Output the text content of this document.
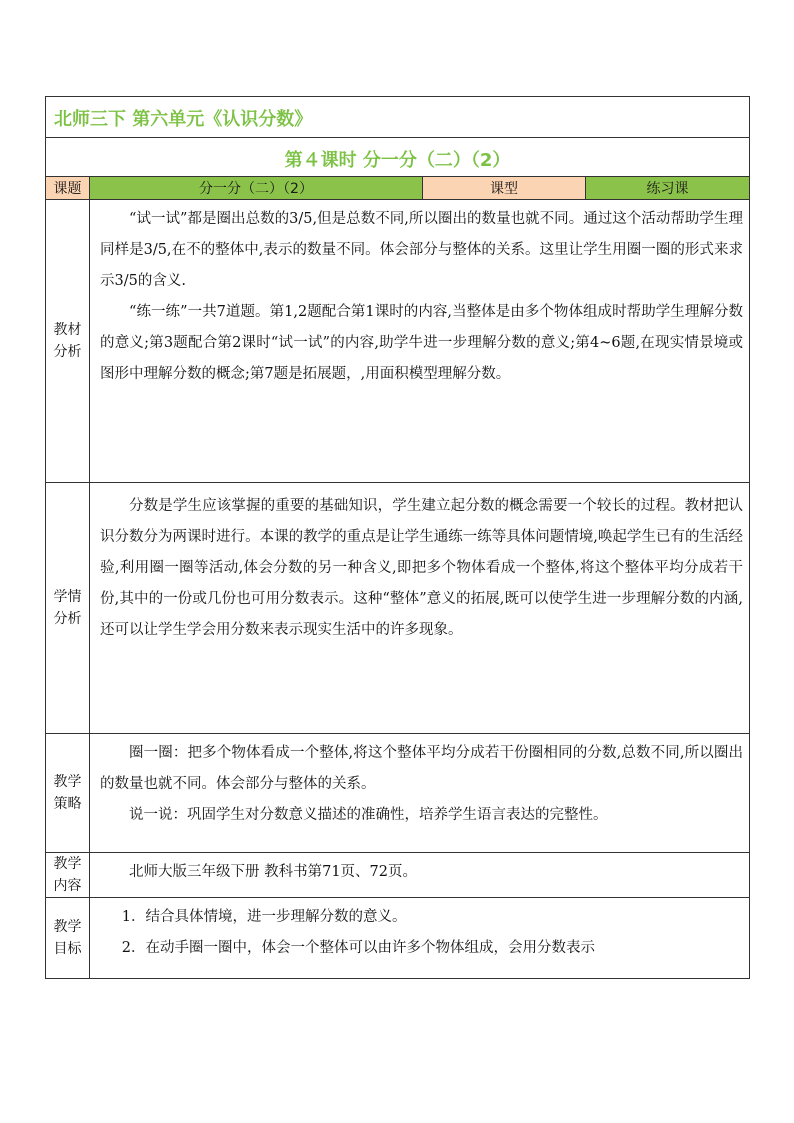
北师三下 第六单元《认识分数》			

第４课时 分一分（二）（2）			

课题	分一分（二）（2）	课型	练习课
教材分析	“试一试”都是圈出总数的3/5,但是总数不同,所以圈出的数量也就不同。通过这个活动帮助学生理同样是3/5,在不的整体中,表示的数量不同。体会部分与整体的关系。这里让学生用圈一圈的形式来求示3/5的含义.

“练一练”一共7道题。第1,2题配合第1课时的内容,当整体是由多个物体组成时帮助学生理解分数的意义;第3题配合第2课时“试一试”的内容,助学牛进一步理解分数的意义;第4~6题,在现实情景境或图形中理解分数的概念;第7题是拓展题，,用面积模型理解分数。		

学情分析	分数是学生应该掌握的重要的基础知识，学生建立起分数的概念需要一个较长的过程。教材把认识分数分为两课时进行。本课的教学的重点是让学生通练一练等具体问题情境,唤起学生已有的生活经验,利用圈一圈等活动,体会分数的另一种含义,即把多个物体看成一个整体,将这个整体平均分成若干份,其中的一份或几份也可用分数表示。这种“整体”意义的拓展,既可以使学生进一步理解分数的内涵,还可以让学生学会用分数来表示现实生活中的许多现象。		

教学策略	圈一圈：把多个物体看成一个整体,将这个整体平均分成若干份圈相同的分数,总数不同,所以圈出的数量也就不同。体会部分与整体的关系。

说一说：巩固学生对分数意义描述的准确性，培养学生语言表达的完整性。		

教学内容	北师大版三年级下册 教科书第71页、72页。		

教学目标	1．结合具体情境，进一步理解分数的意义。

2．在动手圈一圈中，体会一个整体可以由许多个物体组成，会用分数表示		
